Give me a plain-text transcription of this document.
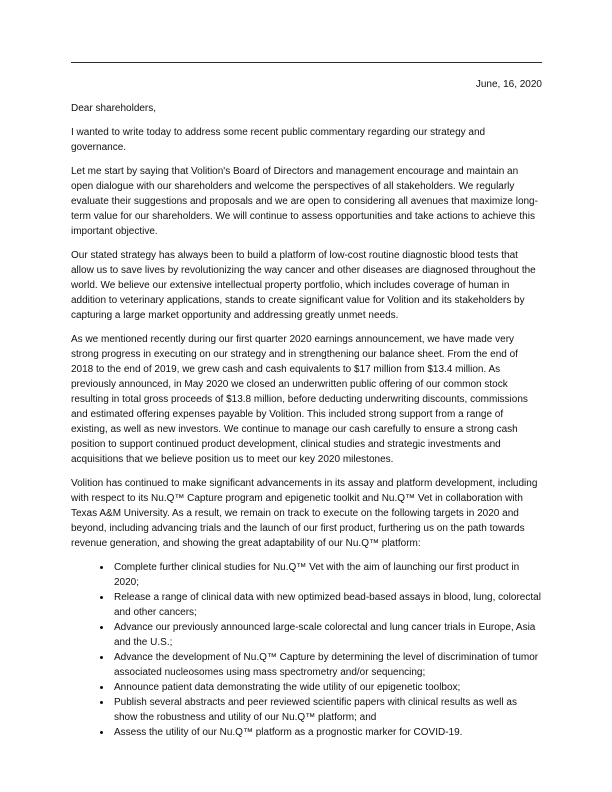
June, 16, 2020

Dear shareholders,

I wanted to write today to address some recent public commentary regarding our strategy and governance.

Let me start by saying that Volition's Board of Directors and management encourage and maintain an open dialogue with our shareholders and welcome the perspectives of all stakeholders. We regularly evaluate their suggestions and proposals and we are open to considering all avenues that maximize long-term value for our shareholders. We will continue to assess opportunities and take actions to achieve this important objective.

Our stated strategy has always been to build a platform of low-cost routine diagnostic blood tests that allow us to save lives by revolutionizing the way cancer and other diseases are diagnosed throughout the world. We believe our extensive intellectual property portfolio, which includes coverage of human in addition to veterinary applications, stands to create significant value for Volition and its stakeholders by capturing a large market opportunity and addressing greatly unmet needs.

As we mentioned recently during our first quarter 2020 earnings announcement, we have made very strong progress in executing on our strategy and in strengthening our balance sheet. From the end of 2018 to the end of 2019, we grew cash and cash equivalents to $17 million from $13.4 million. As previously announced, in May 2020 we closed an underwritten public offering of our common stock resulting in total gross proceeds of $13.8 million, before deducting underwriting discounts, commissions and estimated offering expenses payable by Volition. This included strong support from a range of existing, as well as new investors. We continue to manage our cash carefully to ensure a strong cash position to support continued product development, clinical studies and strategic investments and acquisitions that we believe position us to meet our key 2020 milestones.

Volition has continued to make significant advancements in its assay and platform development, including with respect to its Nu.Q™ Capture program and epigenetic toolkit and Nu.Q™ Vet in collaboration with Texas A&M University. As a result, we remain on track to execute on the following targets in 2020 and beyond, including advancing trials and the launch of our first product, furthering us on the path towards revenue generation, and showing the great adaptability of our Nu.Q™ platform:

• Complete further clinical studies for Nu.Q™ Vet with the aim of launching our first product in 2020;
• Release a range of clinical data with new optimized bead-based assays in blood, lung, colorectal and other cancers;
• Advance our previously announced large-scale colorectal and lung cancer trials in Europe, Asia and the U.S.;
• Advance the development of Nu.Q™ Capture by determining the level of discrimination of tumor associated nucleosomes using mass spectrometry and/or sequencing;
• Announce patient data demonstrating the wide utility of our epigenetic toolbox;
• Publish several abstracts and peer reviewed scientific papers with clinical results as well as show the robustness and utility of our Nu.Q™ platform; and
• Assess the utility of our Nu.Q™ platform as a prognostic marker for COVID-19.
